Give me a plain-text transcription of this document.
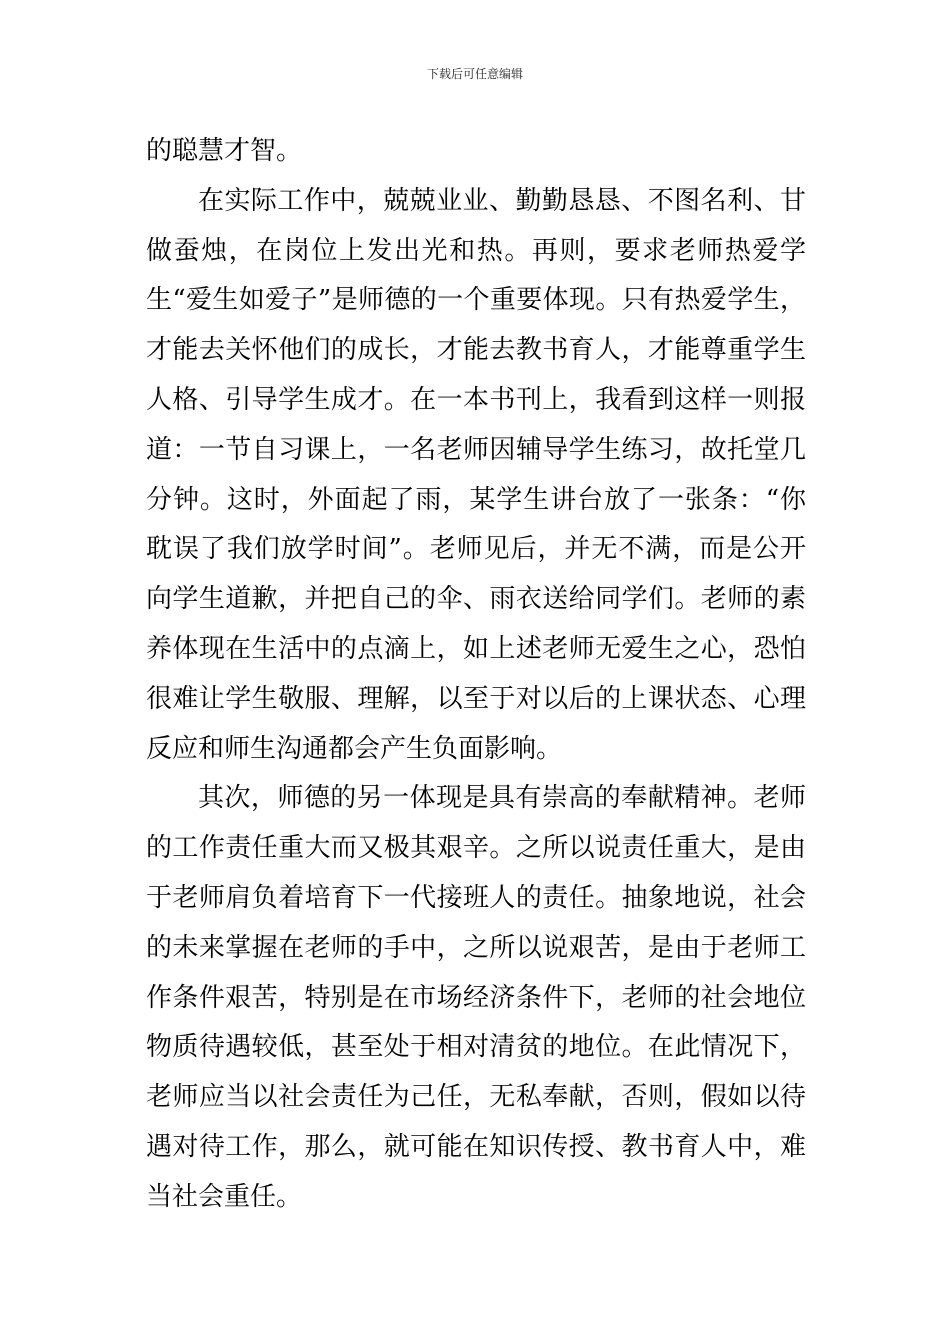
下载后可任意编辑

的聪慧才智。

在实际工作中，兢兢业业、勤勤恳恳、不图名利、甘做蚕烛，在岗位上发出光和热。再则，要求老师热爱学生“爱生如爱子”是师德的一个重要体现。只有热爱学生，才能去关怀他们的成长，才能去教书育人，才能尊重学生人格、引导学生成才。在一本书刊上，我看到这样一则报道：一节自习课上，一名老师因辅导学生练习，故托堂几分钟。这时，外面起了雨，某学生讲台放了一张条：“你耽误了我们放学时间”。老师见后，并无不满，而是公开向学生道歉，并把自己的伞、雨衣送给同学们。老师的素养体现在生活中的点滴上，如上述老师无爱生之心，恐怕很难让学生敬服、理解，以至于对以后的上课状态、心理反应和师生沟通都会产生负面影响。

其次，师德的另一体现是具有崇高的奉献精神。老师的工作责任重大而又极其艰辛。之所以说责任重大，是由于老师肩负着培育下一代接班人的责任。抽象地说，社会的未来掌握在老师的手中，之所以说艰苦，是由于老师工作条件艰苦，特别是在市场经济条件下，老师的社会地位物质待遇较低，甚至处于相对清贫的地位。在此情况下，老师应当以社会责任为己任，无私奉献，否则，假如以待遇对待工作，那么，就可能在知识传授、教书育人中，难当社会重任。
